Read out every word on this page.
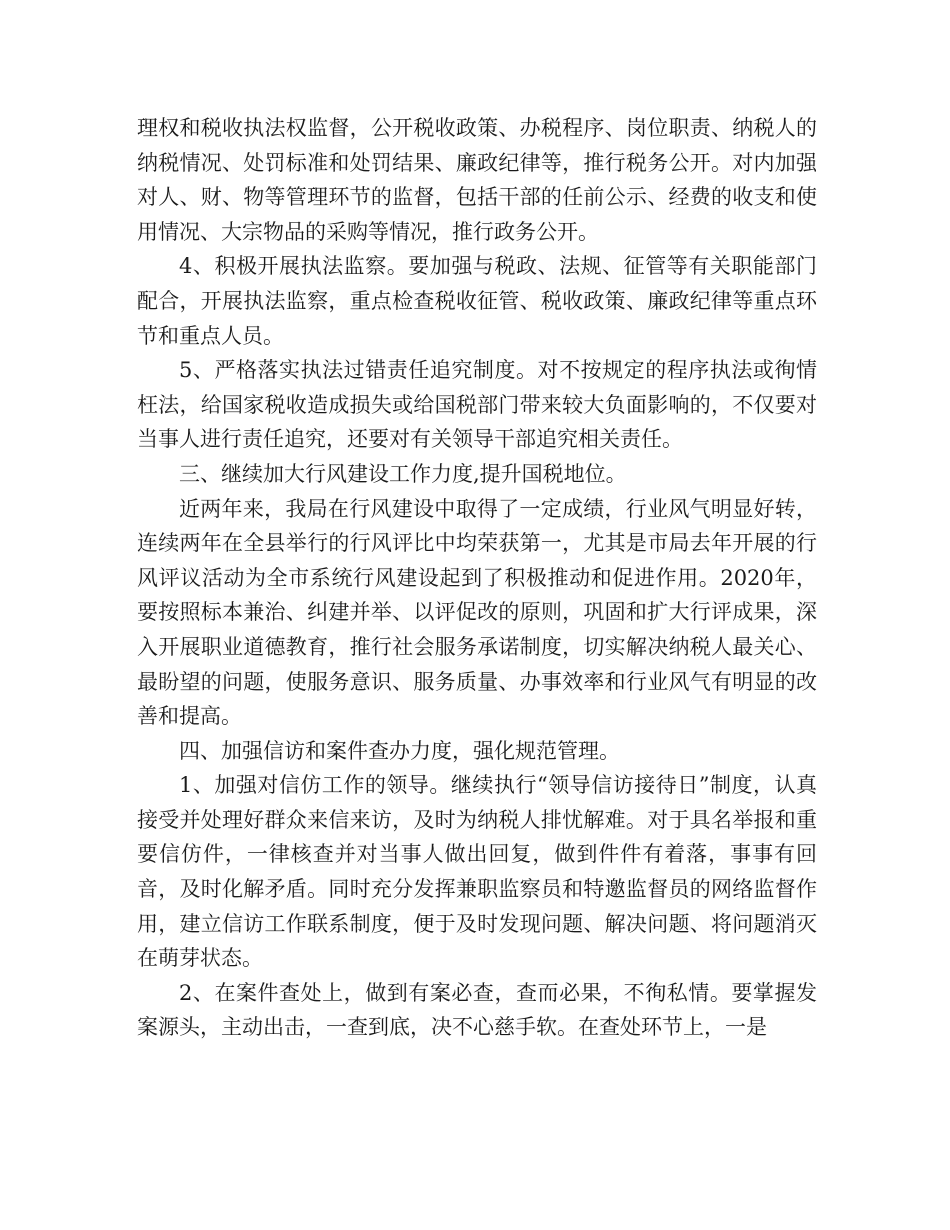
理权和税收执法权监督，公开税收政策、办税程序、岗位职责、纳税人的纳税情况、处罚标准和处罚结果、廉政纪律等，推行税务公开。对内加强对人、财、物等管理环节的监督，包括干部的任前公示、经费的收支和使用情况、大宗物品的采购等情况，推行政务公开。

4、积极开展执法监察。要加强与税政、法规、征管等有关职能部门配合，开展执法监察，重点检查税收征管、税收政策、廉政纪律等重点环节和重点人员。

5、严格落实执法过错责任追究制度。对不按规定的程序执法或徇情枉法，给国家税收造成损失或给国税部门带来较大负面影响的，不仅要对当事人进行责任追究，还要对有关领导干部追究相关责任。

三、继续加大行风建设工作力度,提升国税地位。

近两年来，我局在行风建设中取得了一定成绩，行业风气明显好转，连续两年在全县举行的行风评比中均荣获第一，尤其是市局去年开展的行风评议活动为全市系统行风建设起到了积极推动和促进作用。2020年，要按照标本兼治、纠建并举、以评促改的原则，巩固和扩大行评成果，深入开展职业道德教育，推行社会服务承诺制度，切实解决纳税人最关心、最盼望的问题，使服务意识、服务质量、办事效率和行业风气有明显的改善和提高。

四、加强信访和案件查办力度，强化规范管理。

1、加强对信仿工作的领导。继续执行“领导信访接待日”制度，认真接受并处理好群众来信来访，及时为纳税人排忧解难。对于具名举报和重要信仿件，一律核查并对当事人做出回复，做到件件有着落，事事有回音，及时化解矛盾。同时充分发挥兼职监察员和特邀监督员的网络监督作用，建立信访工作联系制度，便于及时发现问题、解决问题、将问题消灭在萌芽状态。

2、在案件查处上，做到有案必查，查而必果，不徇私情。要掌握发案源头，主动出击，一查到底，决不心慈手软。在查处环节上，一是
